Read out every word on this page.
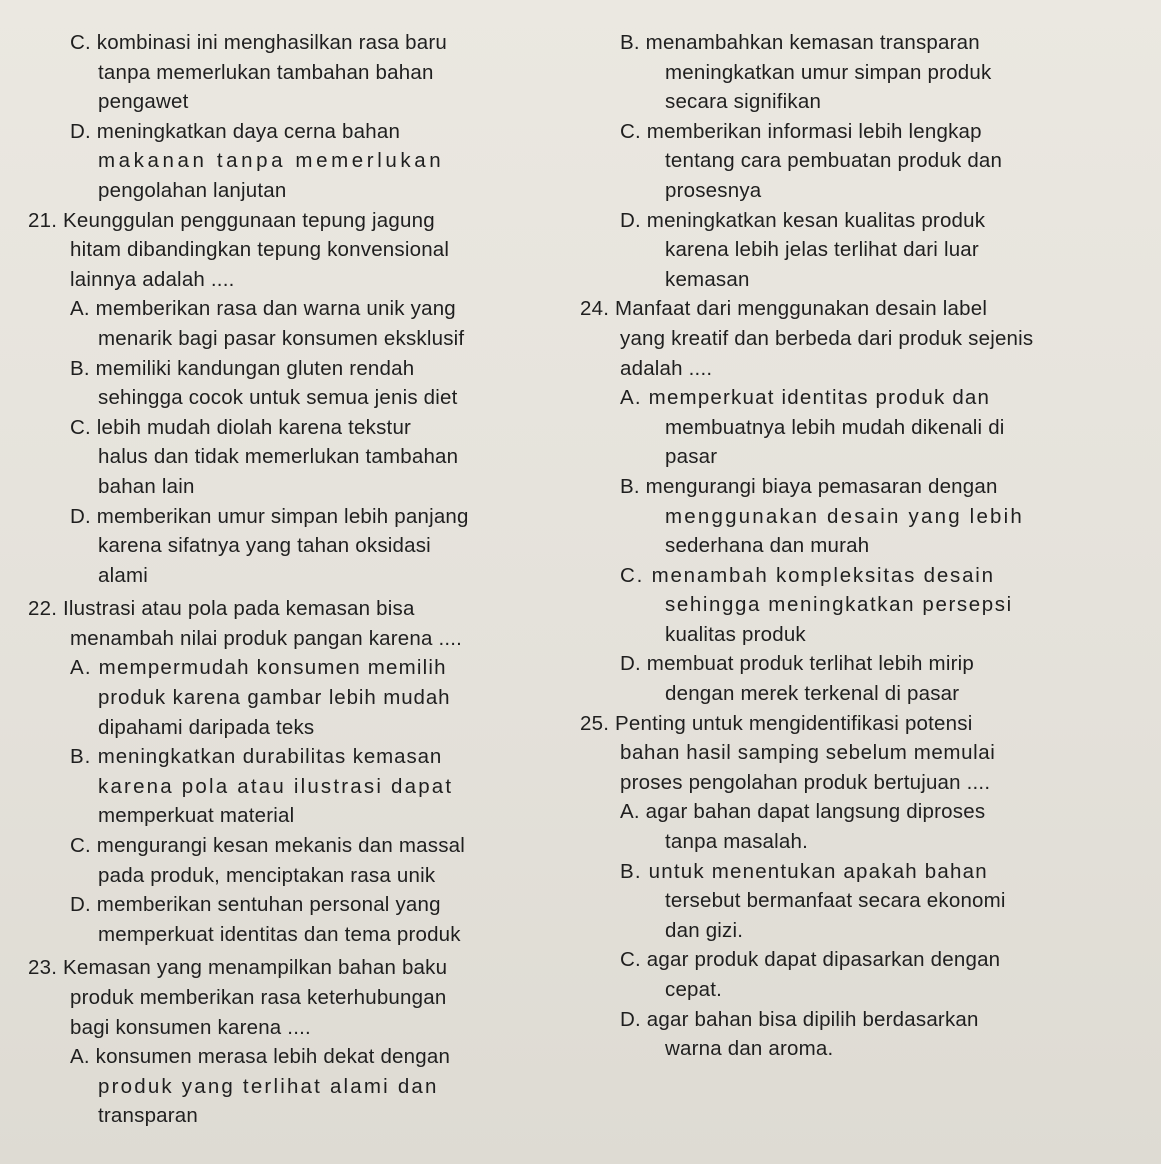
C. kombinasi ini menghasilkan rasa baru
tanpa memerlukan tambahan bahan
pengawet
D. meningkatkan daya cerna bahan
makanan tanpa memerlukan
pengolahan lanjutan
21. Keunggulan penggunaan tepung jagung
hitam dibandingkan tepung konvensional
lainnya adalah ....
A. memberikan rasa dan warna unik yang
menarik bagi pasar konsumen eksklusif
B. memiliki kandungan gluten rendah
sehingga cocok untuk semua jenis diet
C. lebih mudah diolah karena tekstur
halus dan tidak memerlukan tambahan
bahan lain
D. memberikan umur simpan lebih panjang
karena sifatnya yang tahan oksidasi
alami
22. Ilustrasi atau pola pada kemasan bisa
menambah nilai produk pangan karena ....
A. mempermudah konsumen memilih
produk karena gambar lebih mudah
dipahami daripada teks
B. meningkatkan durabilitas kemasan
karena pola atau ilustrasi dapat
memperkuat material
C. mengurangi kesan mekanis dan massal
pada produk, menciptakan rasa unik
D. memberikan sentuhan personal yang
memperkuat identitas dan tema produk
23. Kemasan yang menampilkan bahan baku
produk memberikan rasa keterhubungan
bagi konsumen karena ....
A. konsumen merasa lebih dekat dengan
produk yang terlihat alami dan
transparan
B. menambahkan kemasan transparan
meningkatkan umur simpan produk
secara signifikan
C. memberikan informasi lebih lengkap
tentang cara pembuatan produk dan
prosesnya
D. meningkatkan kesan kualitas produk
karena lebih jelas terlihat dari luar
kemasan
24. Manfaat dari menggunakan desain label
yang kreatif dan berbeda dari produk sejenis
adalah ....
A. memperkuat identitas produk dan
membuatnya lebih mudah dikenali di
pasar
B. mengurangi biaya pemasaran dengan
menggunakan desain yang lebih
sederhana dan murah
C. menambah kompleksitas desain
sehingga meningkatkan persepsi
kualitas produk
D. membuat produk terlihat lebih mirip
dengan merek terkenal di pasar
25. Penting untuk mengidentifikasi potensi
bahan hasil samping sebelum memulai
proses pengolahan produk bertujuan ....
A. agar bahan dapat langsung diproses
tanpa masalah.
B. untuk menentukan apakah bahan
tersebut bermanfaat secara ekonomi
dan gizi.
C. agar produk dapat dipasarkan dengan
cepat.
D. agar bahan bisa dipilih berdasarkan
warna dan aroma.
